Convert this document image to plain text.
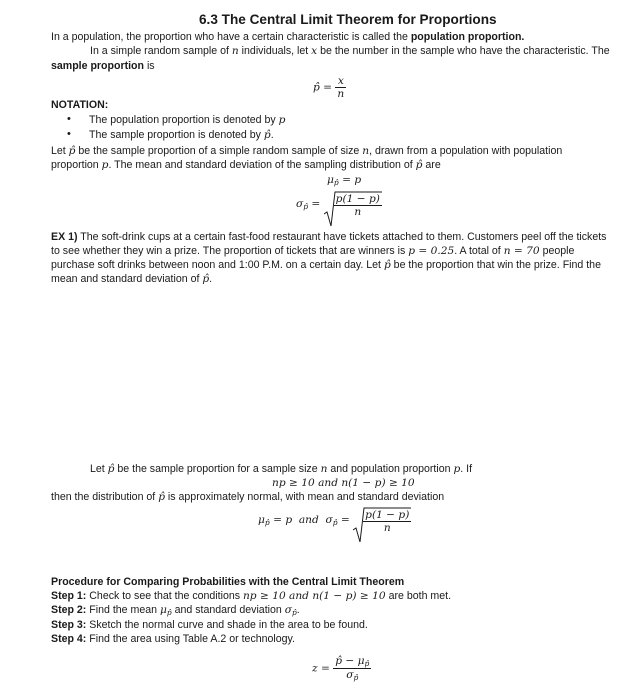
6.3 The Central Limit Theorem for Proportions
In a population, the proportion who have a certain characteristic is called the population proportion.
In a simple random sample of n individuals, let x be the number in the sample who have the characteristic. The
sample proportion is
p̂ = $\frac{x}{n}$
NOTATION:
• The population proportion is denoted by p
• The sample proportion is denoted by p̂.
Let p̂ be the sample proportion of a simple random sample of size n, drawn from a population with population
proportion p. The mean and standard deviation of the sampling distribution of p̂ are
$\mu_{p̂} = p$
$\sigma_{p̂} = \frac{p(1 - p)}{n}$
EX 1) The soft-drink cups at a certain fast-food restaurant have tickets attached to them. Customers peel off the tickets
to see whether they win a prize. The proportion of tickets that are winners is p = 0.25. A total of n = 70 people
purchase soft drinks between noon and 1:00 P.M. on a certain day. Let p̂ be the proportion that win the prize. Find the
mean and standard deviation of p̂.
Let p̂ be the sample proportion for a sample size n and population proportion p. If
np ≥ 10 and n(1 − p) ≥ 10
then the distribution of p̂ is approximately normal, with mean and standard deviation
$\mu_{p̂} = p$  and  $\sigma_{p̂} = \frac{p(1 - p)}{n}$
Procedure for Comparing Probabilities with the Central Limit Theorem
Step 1: Check to see that the conditions np ≥ 10 and n(1 − p) ≥ 10 are both met.
Step 2: Find the mean $\mu_{p̂}$ and standard deviation $\sigma_{p̂}$.
Step 3: Sketch the normal curve and shade in the area to be found.
Step 4: Find the area using Table A.2 or technology.
$z = \frac{p̂ - \mu_{p̂}}{\sigma_{p̂}}$
